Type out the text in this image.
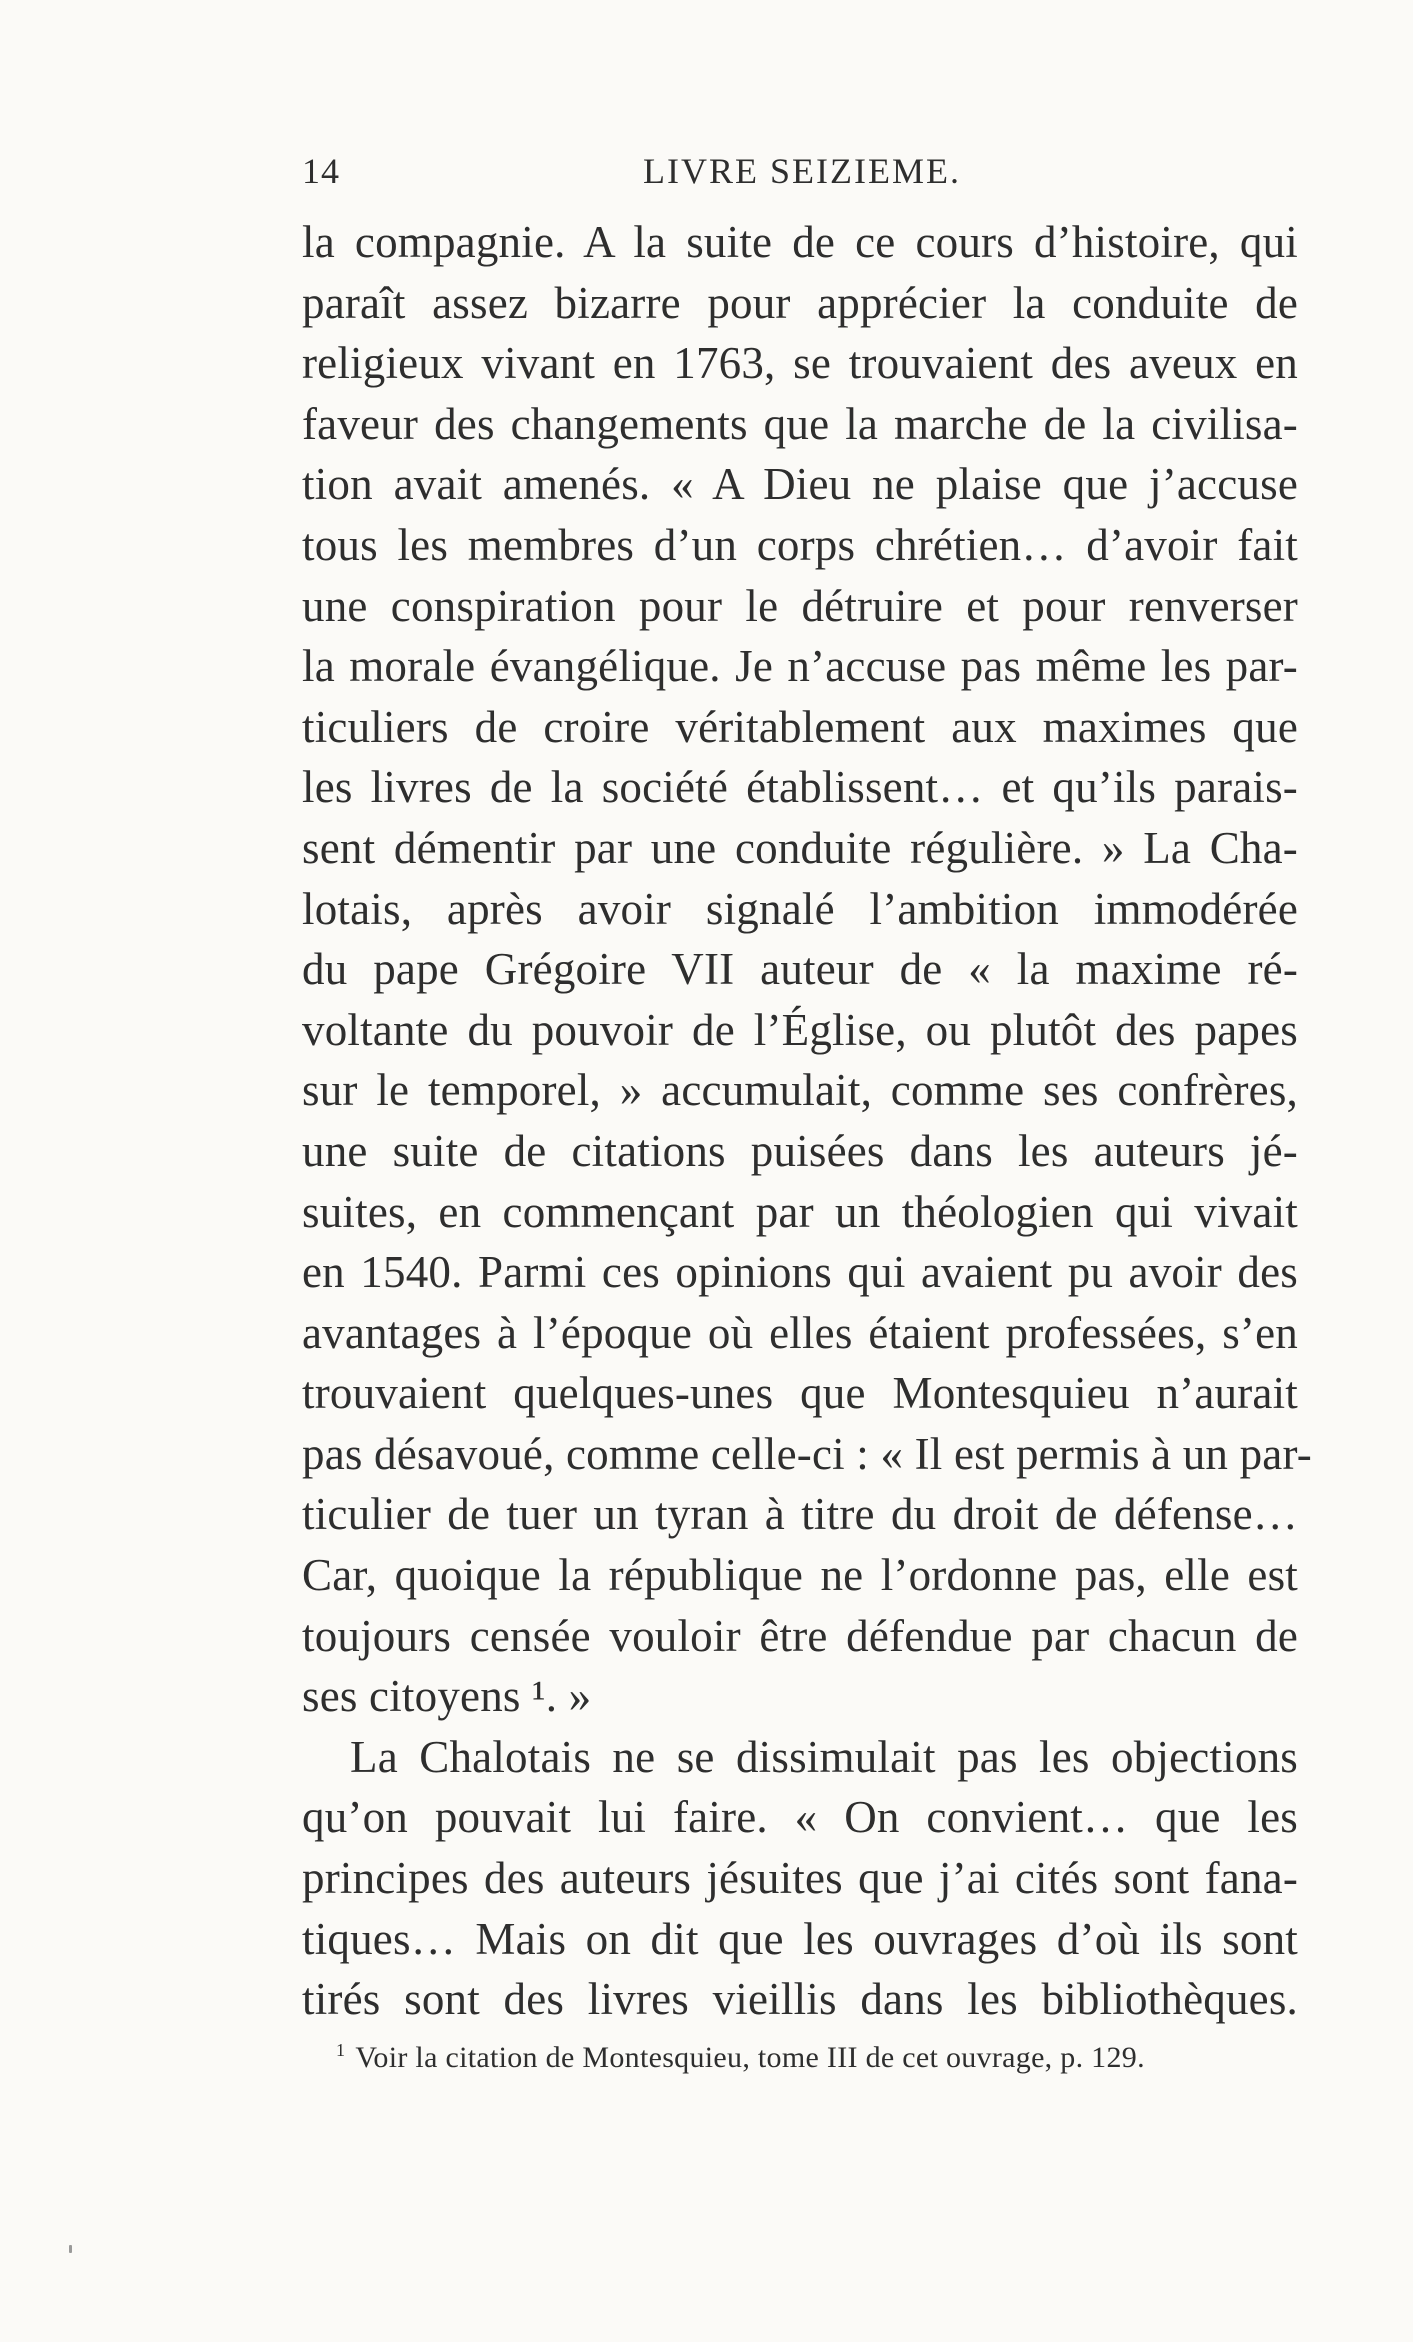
14	LIVRE SEIZIEME.
la compagnie. A la suite de ce cours d’histoire, qui
paraît assez bizarre pour apprécier la conduite de
religieux vivant en 1763, se trouvaient des aveux en
faveur des changements que la marche de la civilisa-
tion avait amenés. « A Dieu ne plaise que j’accuse
tous les membres d’un corps chrétien… d’avoir fait
une conspiration pour le détruire et pour renverser
la morale évangélique. Je n’accuse pas même les par-
ticuliers de croire véritablement aux maximes que
les livres de la société établissent… et qu’ils parais-
sent démentir par une conduite régulière. » La Cha-
lotais, après avoir signalé l’ambition immodérée
du pape Grégoire VII auteur de « la maxime ré-
voltante du pouvoir de l’Église, ou plutôt des papes
sur le temporel, » accumulait, comme ses confrères,
une suite de citations puisées dans les auteurs jé-
suites, en commençant par un théologien qui vivait
en 1540. Parmi ces opinions qui avaient pu avoir des
avantages à l’époque où elles étaient professées, s’en
trouvaient quelques-unes que Montesquieu n’aurait
pas désavoué, comme celle-ci : « Il est permis à un par-
ticulier de tuer un tyran à titre du droit de défense…
Car, quoique la république ne l’ordonne pas, elle est
toujours censée vouloir être défendue par chacun de
ses citoyens ¹. »
La Chalotais ne se dissimulait pas les objections
qu’on pouvait lui faire. « On convient… que les
principes des auteurs jésuites que j’ai cités sont fana-
tiques… Mais on dit que les ouvrages d’où ils sont
tirés sont des livres vieillis dans les bibliothèques.
$^1$ Voir la citation de Montesquieu, tome III de cet ouvrage, p. 129.
